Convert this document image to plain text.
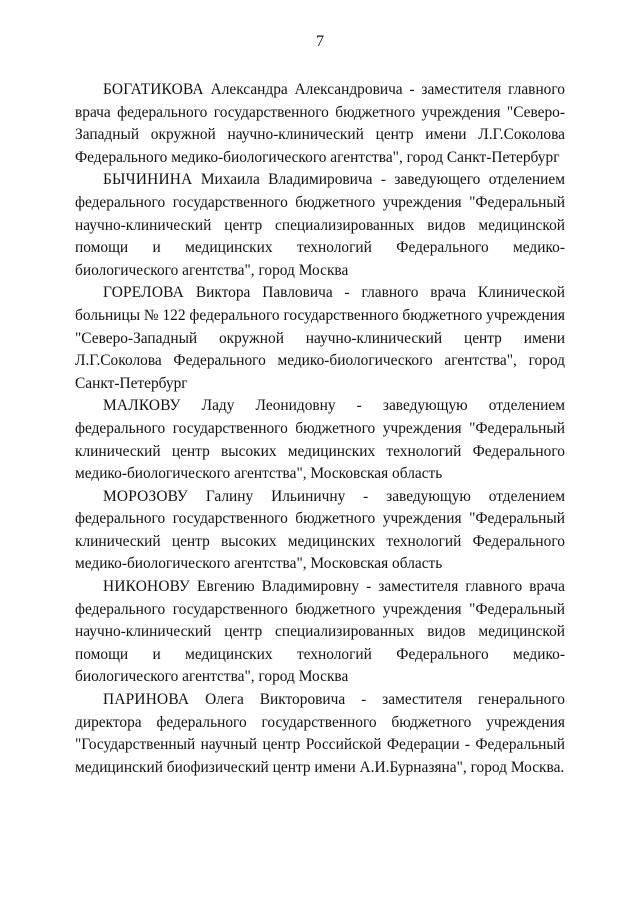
7

БОГАТИКОВА Александра Александровича - заместителя главного врача федерального государственного бюджетного учреждения "Северо-Западный окружной научно-клинический центр имени Л.Г.Соколова Федерального медико-биологического агентства", город Санкт-Петербург

БЫЧИНИНА Михаила Владимировича - заведующего отделением федерального государственного бюджетного учреждения "Федеральный научно-клинический центр специализированных видов медицинской помощи и медицинских технологий Федерального медико-биологического агентства", город Москва

ГОРЕЛОВА Виктора Павловича - главного врача Клинической больницы № 122 федерального государственного бюджетного учреждения "Северо-Западный окружной научно-клинический центр имени Л.Г.Соколова Федерального медико-биологического агентства", город Санкт-Петербург

МАЛКОВУ Ладу Леонидовну - заведующую отделением федерального государственного бюджетного учреждения "Федеральный клинический центр высоких медицинских технологий Федерального медико-биологического агентства", Московская область

МОРОЗОВУ Галину Ильиничну - заведующую отделением федерального государственного бюджетного учреждения "Федеральный клинический центр высоких медицинских технологий Федерального медико-биологического агентства", Московская область

НИКОНОВУ Евгению Владимировну - заместителя главного врача федерального государственного бюджетного учреждения "Федеральный научно-клинический центр специализированных видов медицинской помощи и медицинских технологий Федерального медико-биологического агентства", город Москва

ПАРИНОВА Олега Викторовича - заместителя генерального директора федерального государственного бюджетного учреждения "Государственный научный центр Российской Федерации - Федеральный медицинский биофизический центр имени А.И.Бурназяна", город Москва.
